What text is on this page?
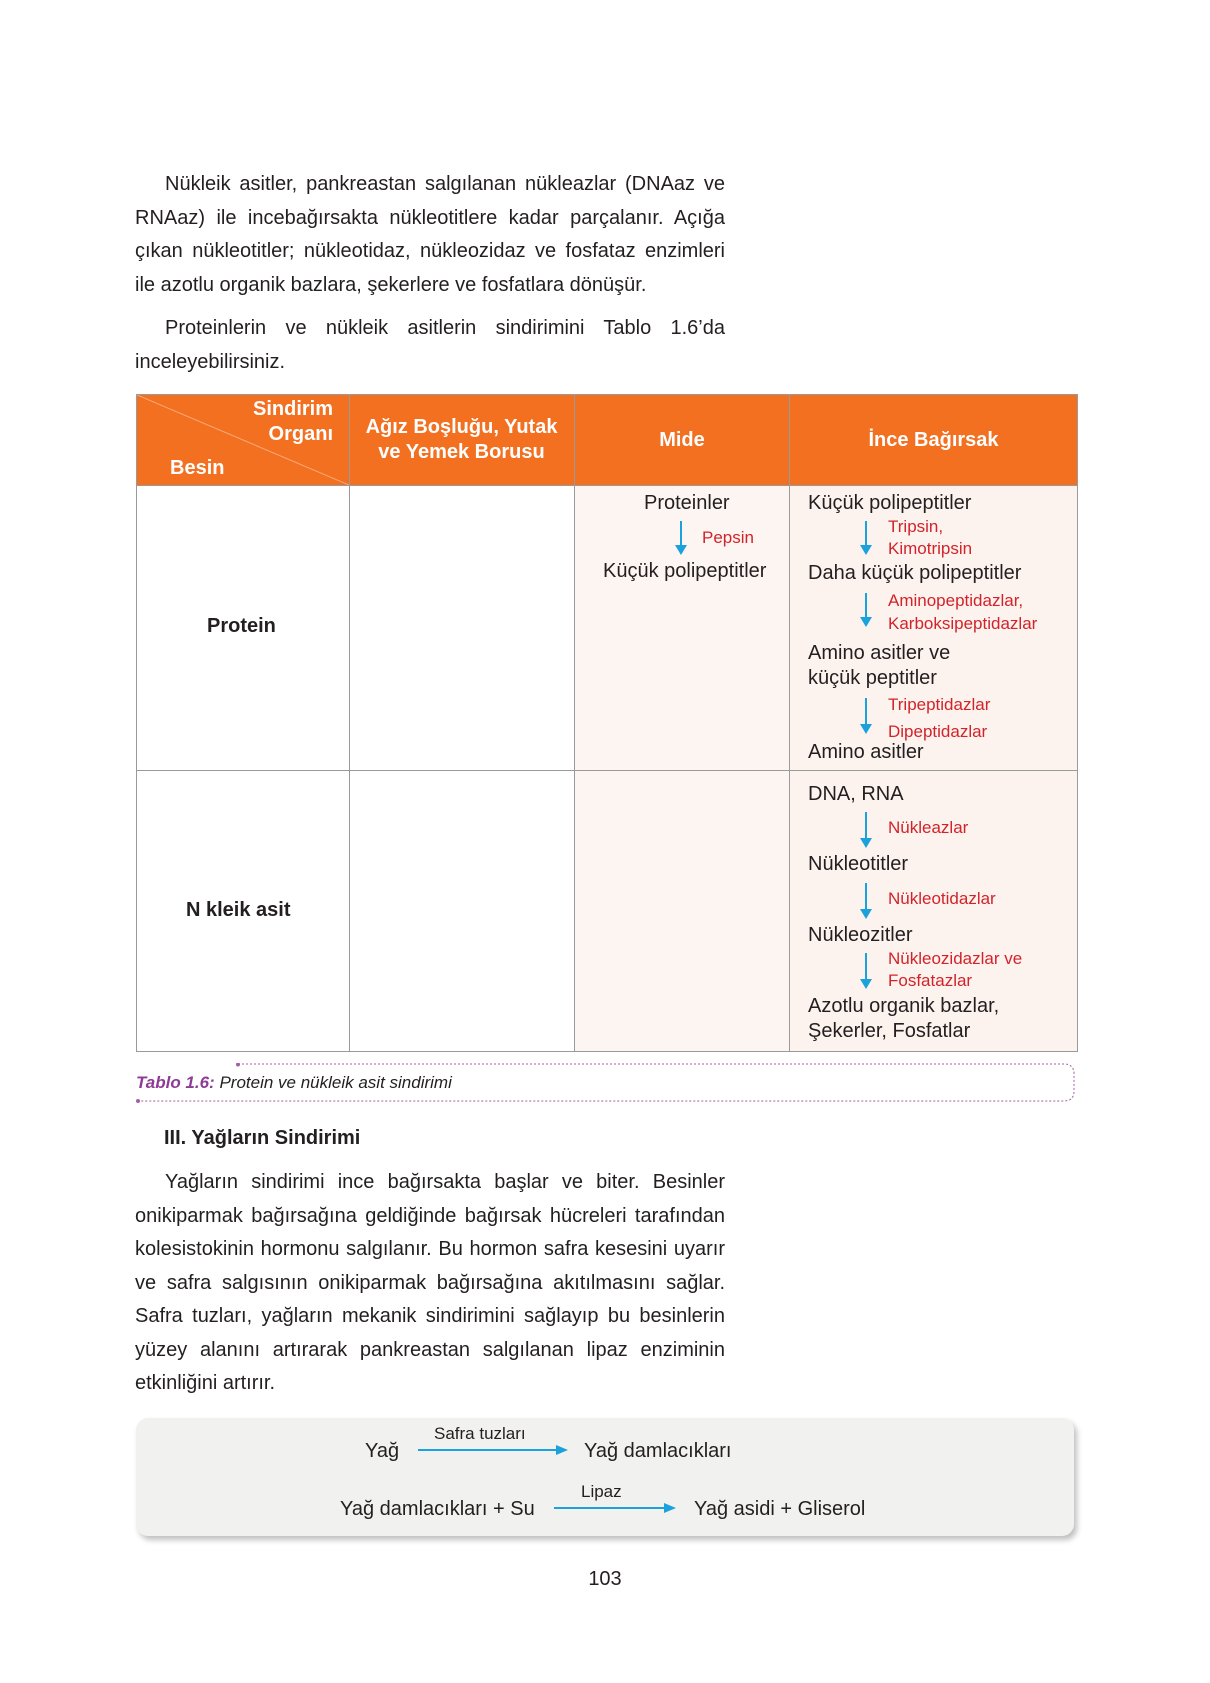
Nükleik asitler, pankreastan salgılanan nükleazlar (DNAaz ve RNAaz) ile incebağırsakta nükleotitlere kadar parçalanır. Açığa çıkan nükleotitler; nükleotidaz, nükleozidaz ve fosfataz enzimleri ile azotlu organik bazlara, şekerlere ve fosfatlara dönüşür.

Proteinlerin ve nükleik asitlerin sindirimini Tablo 1.6’da inceleyebilirsiniz.

Sindirim
Organı
Besin
Ağız Boşluğu, Yutak
ve Yemek Borusu
Mide	İnce Bağırsak
Protein
Proteinler
Pepsin
Küçük polipeptitler
Küçük polipeptitler
Tripsin,
Kimotripsin
Daha küçük polipeptitler
Aminopeptidazlar,
Karboksipeptidazlar
Amino asitler ve
küçük peptitler
Tripeptidazlar
Dipeptidazlar
Amino asitler
N kleik asit
DNA, RNA
Nükleazlar
Nükleotitler
Nükleotidazlar
Nükleozitler
Nükleozidazlar ve
Fosfatazlar
Azotlu organik bazlar,
Şekerler, Fosfatlar
Tablo 1.6: Protein ve nükleik asit sindirimi
III. Yağların Sindirimi

Yağların sindirimi ince bağırsakta başlar ve biter. Besinler onikiparmak bağırsağına geldiğinde bağırsak hücreleri tarafından kolesistokinin hormonu salgılanır. Bu hormon safra kesesini uyarır ve safra salgısının onikiparmak bağırsağına akıtılmasını sağlar. Safra tuzları, yağların mekanik sindirimini sağlayıp bu besinlerin yüzey alanını artırarak pankreastan salgılanan lipaz enziminin etkinliğini artırır.

Yağ
Safra tuzları
Yağ damlacıkları
Yağ damlacıkları + Su
Lipaz
Yağ asidi + Gliserol
103
